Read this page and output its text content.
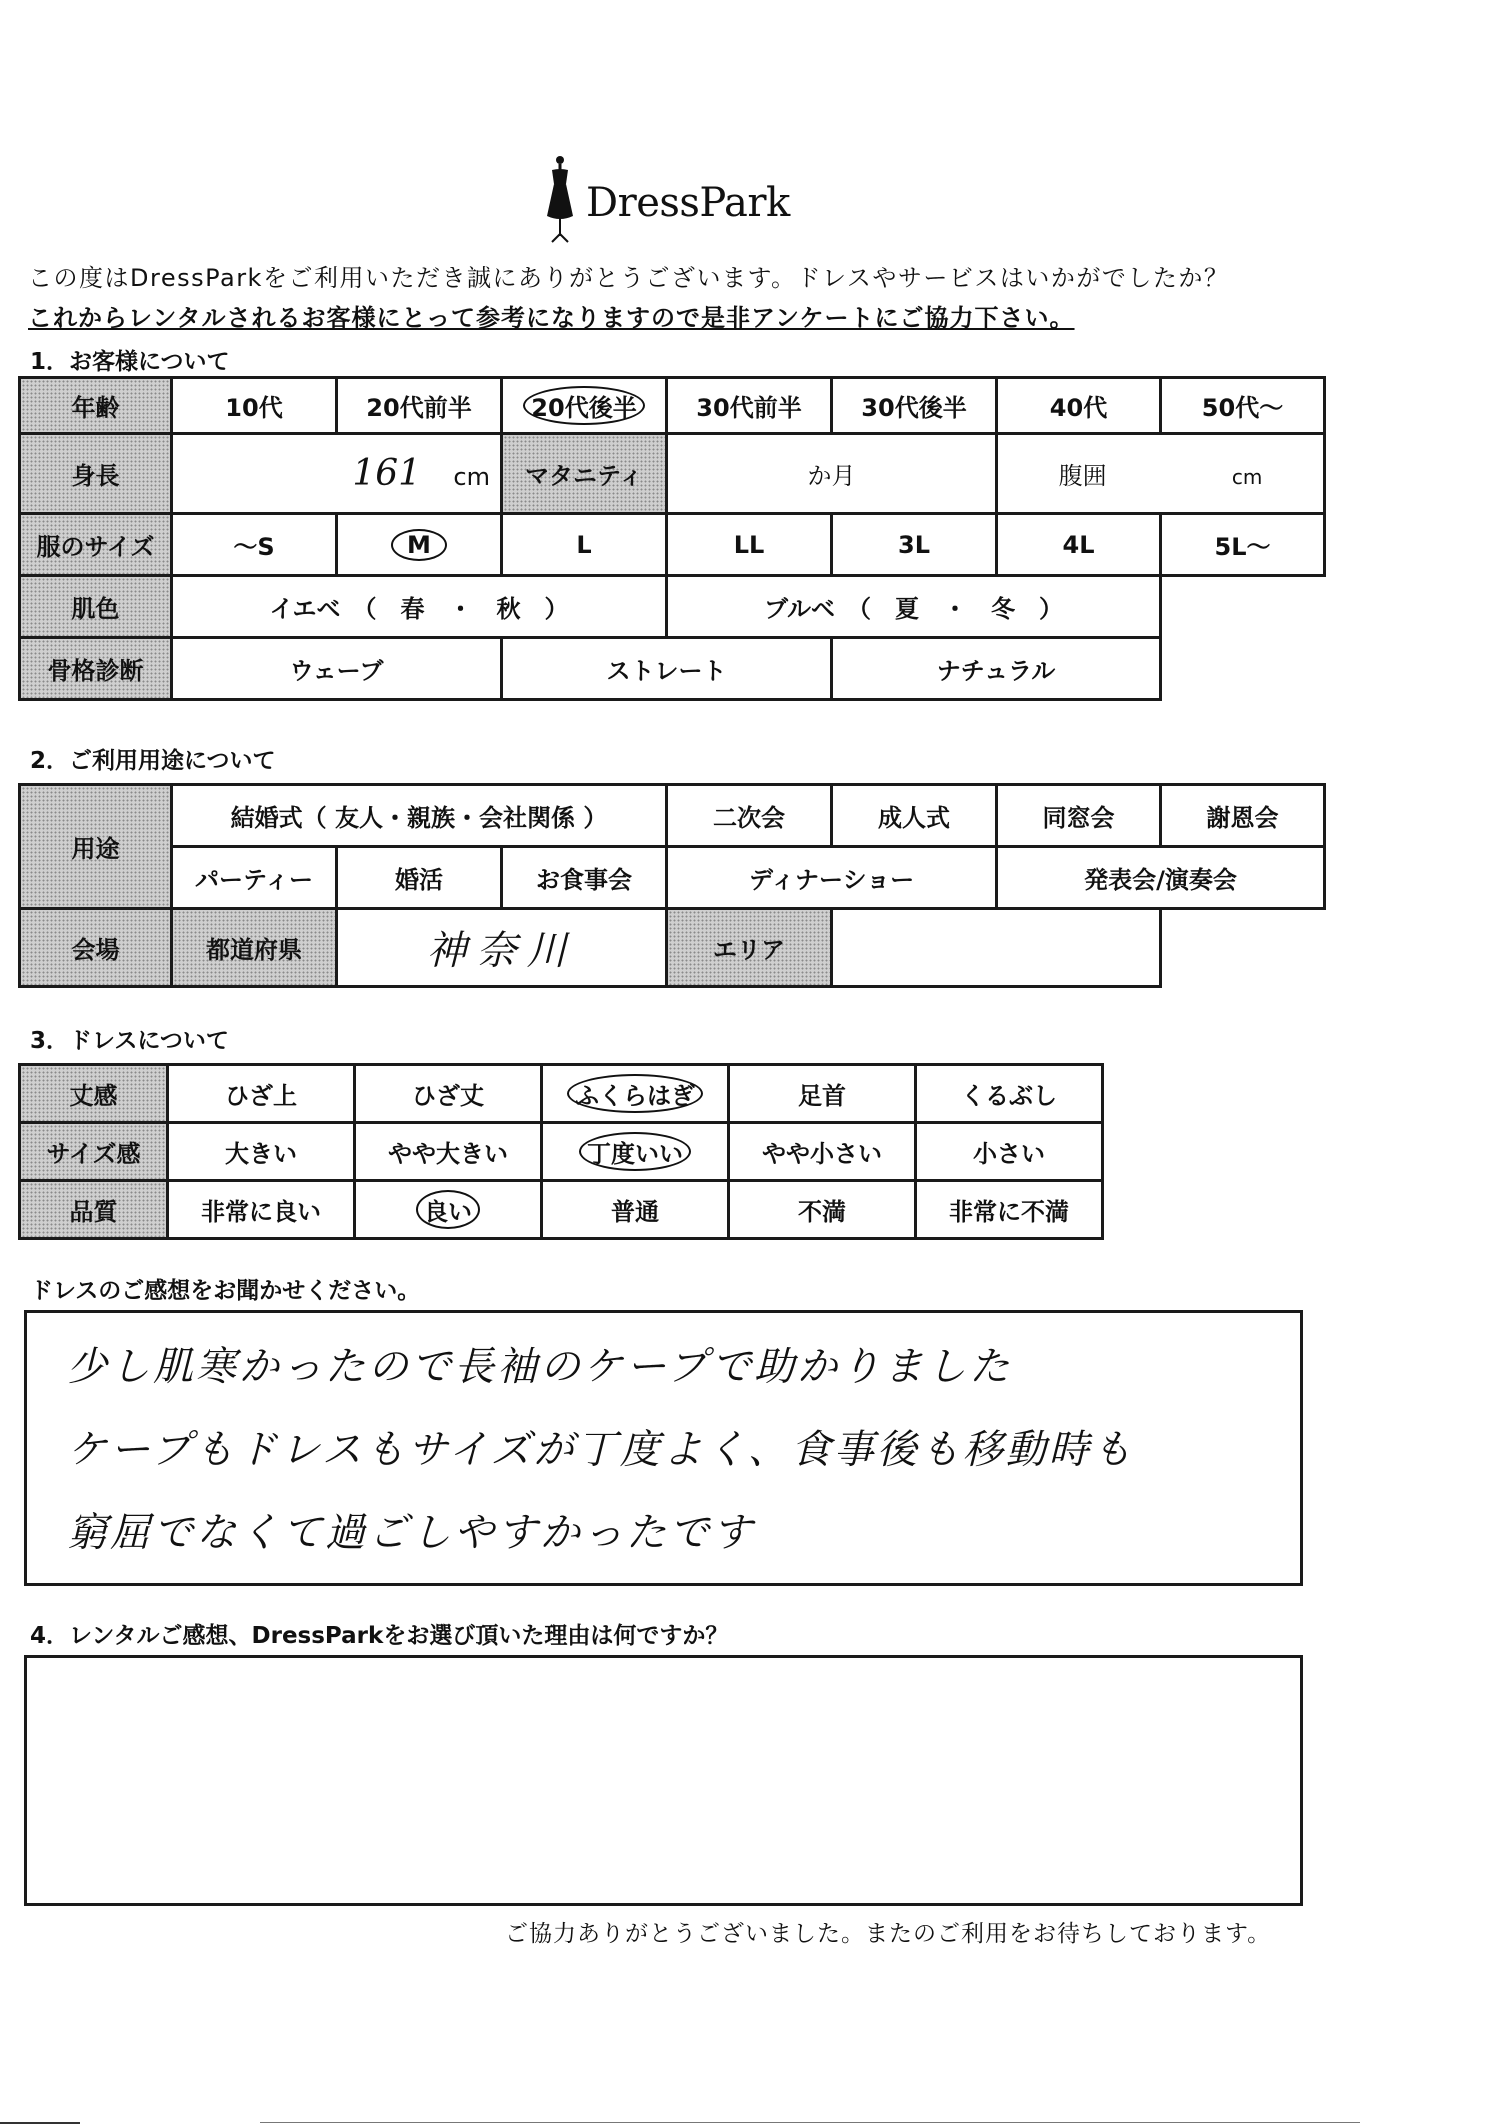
DressPark
この度はDressParkをご利用いただき誠にありがとうございます。ドレスやサービスはいかがでしたか？
これからレンタルされるお客様にとって参考になりますので是非アンケートにご協力下さい。
1．お客様について
年齢	10代	20代前半	20代後半	30代前半	30代後半	40代	50代〜
身長	161 cm		マタニティ	か月		腹囲 cm	
服のサイズ	〜S	M	L	LL	3L	4L	5L〜
肌色	イエベ　（　春　・　秋　）			ブルベ　（　夏　・　冬　）			
骨格診断	ウェーブ		ストレート		ナチュラル		
2．ご利用用途について
用途	結婚式（ 友人・親族・会社関係 ）			二次会	成人式	同窓会	謝恩会
	パーティー	婚活	お食事会	ディナーショー		発表会/演奏会	
会場	都道府県	神奈川		エリア			
3．ドレスについて
丈感	ひざ上	ひざ丈	ふくらはぎ	足首	くるぶし
サイズ感	大きい	やや大きい	丁度いい	やや小さい	小さい
品質	非常に良い	良い	普通	不満	非常に不満
ドレスのご感想をお聞かせください。
少し肌寒かったので長袖のケープで助かりました
ケープもドレスもサイズが丁度よく、食事後も移動時も
窮屈でなくて過ごしやすかったです
4．レンタルご感想、DressParkをお選び頂いた理由は何ですか？
ご協力ありがとうございました。またのご利用をお待ちしております。
